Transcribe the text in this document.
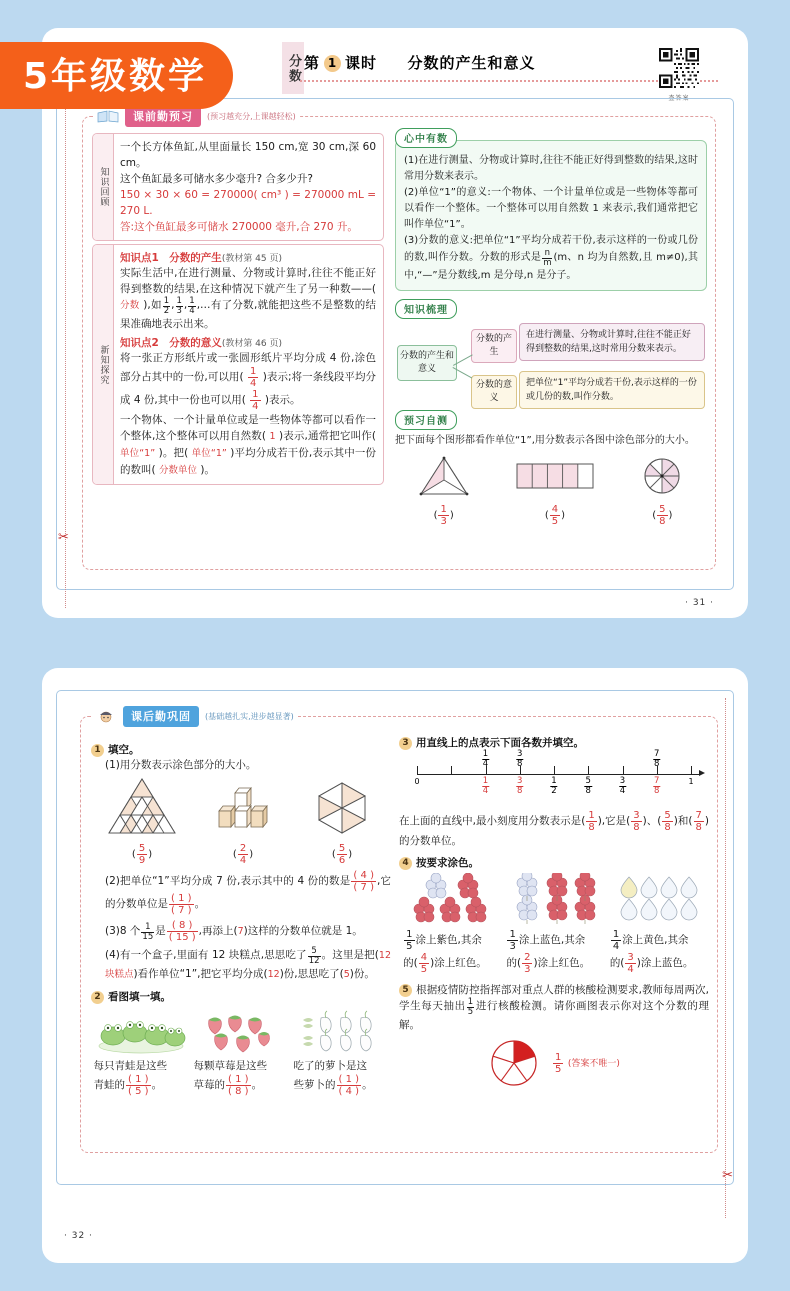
分数 第 1 课时 分数的产生和意义
查答案
· 31 ·
课前勤预习	(预习越充分,上课越轻松)
知识回顾
一个长方体鱼缸,从里面量长 150 cm,宽 30 cm,深 60 cm。
这个鱼缸最多可储水多少毫升? 合多少升?
150 × 30 × 60 = 270000( cm³ ) = 270000 mL = 270 L.
答:这个鱼缸最多可储水 270000 毫升,合 270 升。
新知探究
知识点1　分数的产生(教材第 45 页)
实际生活中,在进行测量、分物或计算时,往往不能正好得到整数的结果,在这种情况下就产生了另一种数——( 分数 ),如 $\frac{1}{2}$ , $\frac{1}{3}$ , $\frac{1}{4}$ ,…有了分数,就能把这些不是整数的结果准确地表示出来。
知识点2　分数的意义(教材第 46 页)
将一张正方形纸片或一张圆形纸片平均分成 4 份,涂色部分占其中的一份,可以用( $\frac{1}{4}$ )表示;将一条线段平均分成 4 份,其中一份也可以用( $\frac{1}{4}$ )表示。
一个物体、一个计量单位或是一些物体等都可以看作一个整体,这个整体可以用自然数( 1 )表示,通常把它叫作( 单位“1” )。把( 单位“1” )平均分成若干份,表示其中一份的数叫( 分数单位 )。
心中有数
(1)在进行测量、分物或计算时,往往不能正好得到整数的结果,这时常用分数来表示。
(2)单位“1”的意义:一个物体、一个计量单位或是一些物体等都可以看作一个整体。一个整体可以用自然数 1 来表示,我们通常把它叫作单位“1”。
(3)分数的意义:把单位“1”平均分成若干份,表示这样的一份或几份的数,叫作分数。分数的形式是 $\frac{n}{m} (m$、n 均为自然数,且 m≠0),其中,“—”是分数线,m 是分母,n 是分子。
知识梳理
分数的产生和意义
分数的产生
分数的意义
在进行测量、分物或计算时,往往不能正好得到整数的结果,这时常用分数来表示。
把单位“1”平均分成若干份,表示这样的一份或几份的数,叫作分数。
预习自测
把下面每个图形都看作单位“1”,用分数表示各图中涂色部分的大小。
( $\frac{1}{3}$ )	( $\frac{4}{5}$ )	( $\frac{5}{8}$ )
✂
· 32 ·
课后勤巩固	(基础越扎实,进步越显著)
1 填空。
(1)用分数表示涂色部分的大小。
( $\frac{5}{9}$ )	( $\frac{2}{4}$ )	( $\frac{5}{6}$ )
(2)把单位“1”平均分成 7 份,表示其中的 4 份的数是 $\frac{( 4 )}{( 7 )}$ ,它的分数单位是 $\frac{( 1 )}{( 7 )}$ 。
(3)8 个 $\frac{1}{15}$ 是 $\frac{( 8 )}{( 15 )}$ ,再添上(7)这样的分数单位就是 1。
(4)有一个盒子,里面有 12 块糕点,思思吃了 $\frac{5}{12}$ 。这里是把(12 块糕点)看作单位“1”,把它平均分成(12)份,思思吃了(5)份。
2 看图填一填。
每只青蛙是这些
青蛙的 $\frac{( 1 )}{( 5 )}$ 。
每颗草莓是这些
草莓的 $\frac{( 1 )}{( 8 )}$ 。
吃了的萝卜是这
些萝卜的 $\frac{( 1 )}{( 4 )}$ 。
3 用直线上的点表示下面各数并填空。
0	$\frac{1}{4}$	$\frac{3}{8}$	$\frac{1}{2}$	$\frac{5}{8}$	$\frac{3}{4}$	$\frac{7}{8}$	1
$\frac{1}{4}$	$\frac{3}{8}$	$\frac{7}{8}$
在上面的直线中,最小刻度用分数表示是( $\frac{1}{8}$ ),它是( $\frac{3}{8}$ )、( $\frac{5}{8}$ )和( $\frac{7}{8}$ )的分数单位。
4 按要求涂色。
$\frac{1}{5}$ 涂上紫色,其余
的( $\frac{4}{5}$ )涂上红色。
$\frac{1}{3}$ 涂上蓝色,其余
的( $\frac{2}{3}$ )涂上红色。
$\frac{1}{4}$ 涂上黄色,其余
的( $\frac{3}{4}$ )涂上蓝色。
5 根据疫情防控指挥部对重点人群的核酸检测要求,教师每周两次,学生每天抽出 $\frac{1}{5}$ 进行核酸检测。请你画图表示你对这个分数的理解。
$\frac{1}{5}$ (答案不唯一)
✂
5年级数学
